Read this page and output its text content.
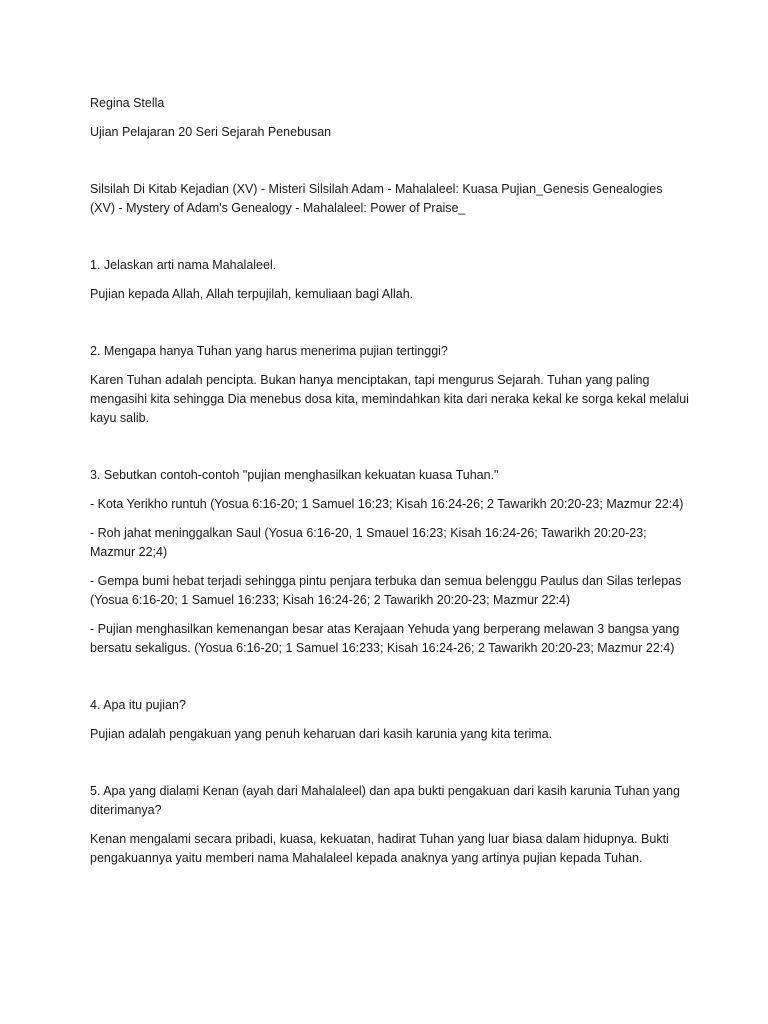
Regina Stella

Ujian Pelajaran 20 Seri Sejarah Penebusan

Silsilah Di Kitab Kejadian (XV) - Misteri Silsilah Adam - Mahalaleel: Kuasa Pujian_Genesis Genealogies (XV) - Mystery of Adam's Genealogy - Mahalaleel: Power of Praise_

1. Jelaskan arti nama Mahalaleel.

Pujian kepada Allah, Allah terpujilah, kemuliaan bagi Allah.

2. Mengapa hanya Tuhan yang harus menerima pujian tertinggi?

Karen Tuhan adalah pencipta. Bukan hanya menciptakan, tapi mengurus Sejarah. Tuhan yang paling mengasihi kita sehingga Dia menebus dosa kita, memindahkan kita dari neraka kekal ke sorga kekal melalui kayu salib.

3. Sebutkan contoh-contoh "pujian menghasilkan kekuatan kuasa Tuhan."

- Kota Yerikho runtuh (Yosua 6:16-20; 1 Samuel 16:23; Kisah 16:24-26; 2 Tawarikh 20:20-23; Mazmur 22:4)

- Roh jahat meninggalkan Saul (Yosua 6:16-20, 1 Smauel 16:23; Kisah 16:24-26; Tawarikh 20:20-23; Mazmur 22;4)

- Gempa bumi hebat terjadi sehingga pintu penjara terbuka dan semua belenggu Paulus dan Silas terlepas (Yosua 6:16-20; 1 Samuel 16:233; Kisah 16:24-26; 2 Tawarikh 20:20-23; Mazmur 22:4)

- Pujian menghasilkan kemenangan besar atas Kerajaan Yehuda yang berperang melawan 3 bangsa yang bersatu sekaligus. (Yosua 6:16-20; 1 Samuel 16:233; Kisah 16:24-26; 2 Tawarikh 20:20-23; Mazmur 22:4)

4. Apa itu pujian?

Pujian adalah pengakuan yang penuh keharuan dari kasih karunia yang kita terima.

5. Apa yang dialami Kenan (ayah dari Mahalaleel) dan apa bukti pengakuan dari kasih karunia Tuhan yang diterimanya?

Kenan mengalami secara pribadi, kuasa, kekuatan, hadirat Tuhan yang luar biasa dalam hidupnya. Bukti pengakuannya yaitu memberi nama Mahalaleel kepada anaknya yang artinya pujian kepada Tuhan.
